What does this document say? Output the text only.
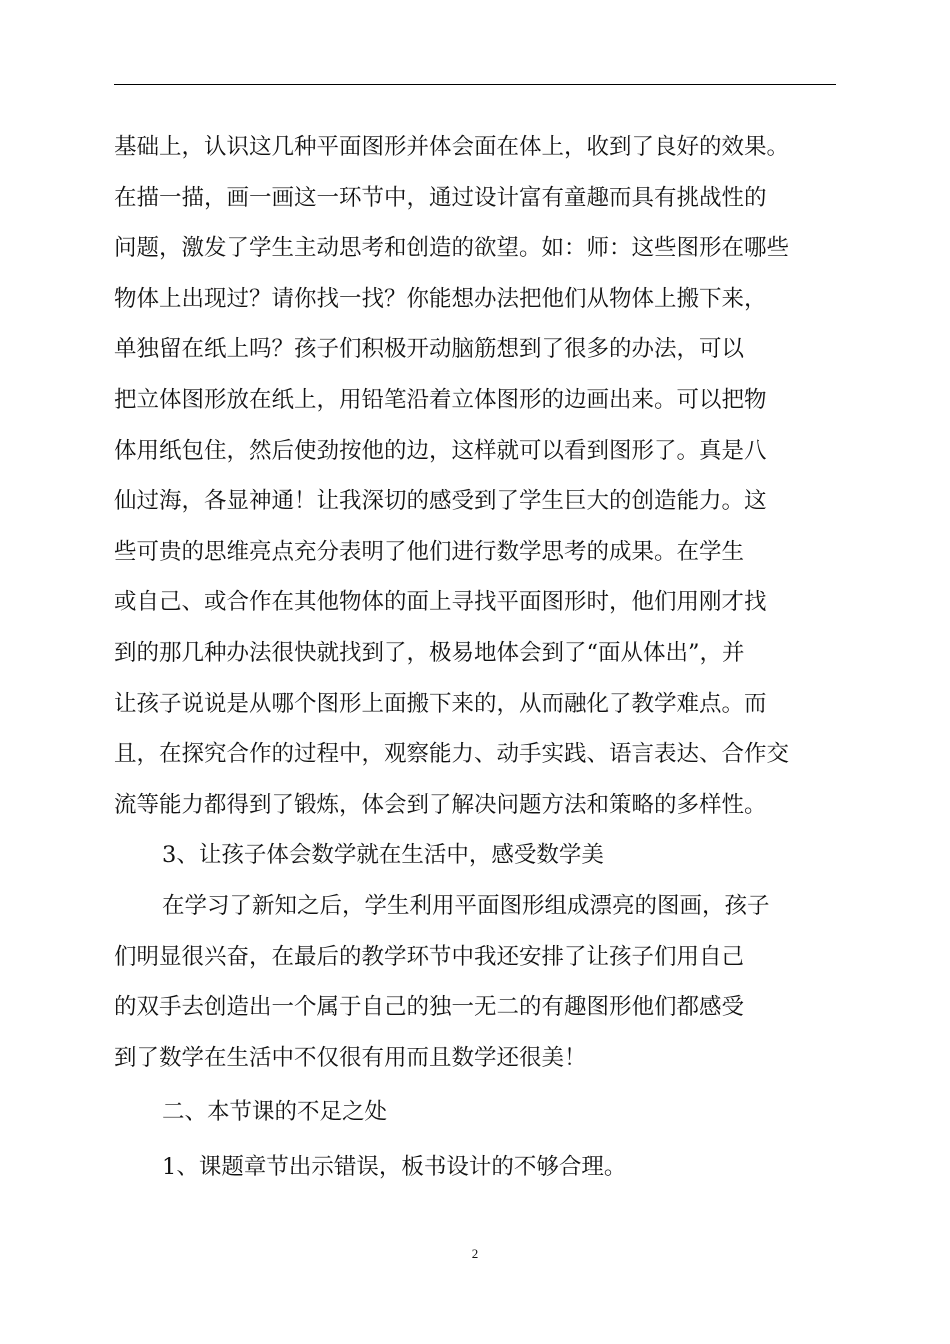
基础上，认识这几种平面图形并体会面在体上，收到了良好的效果。
在描一描，画一画这一环节中，通过设计富有童趣而具有挑战性的
问题，激发了学生主动思考和创造的欲望。如：师：这些图形在哪些
物体上出现过？请你找一找？你能想办法把他们从物体上搬下来，
单独留在纸上吗？孩子们积极开动脑筋想到了很多的办法，可以
把立体图形放在纸上，用铅笔沿着立体图形的边画出来。可以把物
体用纸包住，然后使劲按他的边，这样就可以看到图形了。真是八
仙过海，各显神通！让我深切的感受到了学生巨大的创造能力。这
些可贵的思维亮点充分表明了他们进行数学思考的成果。在学生
或自己、或合作在其他物体的面上寻找平面图形时，他们用刚才找
到的那几种办法很快就找到了，极易地体会到了“面从体出”，并
让孩子说说是从哪个图形上面搬下来的，从而融化了教学难点。而
且，在探究合作的过程中，观察能力、动手实践、语言表达、合作交
流等能力都得到了锻炼，体会到了解决问题方法和策略的多样性。
3、让孩子体会数学就在生活中，感受数学美
在学习了新知之后，学生利用平面图形组成漂亮的图画，孩子
们明显很兴奋，在最后的教学环节中我还安排了让孩子们用自己
的双手去创造出一个属于自己的独一无二的有趣图形他们都感受
到了数学在生活中不仅很有用而且数学还很美！
二、本节课的不足之处
1、课题章节出示错误，板书设计的不够合理。
2
